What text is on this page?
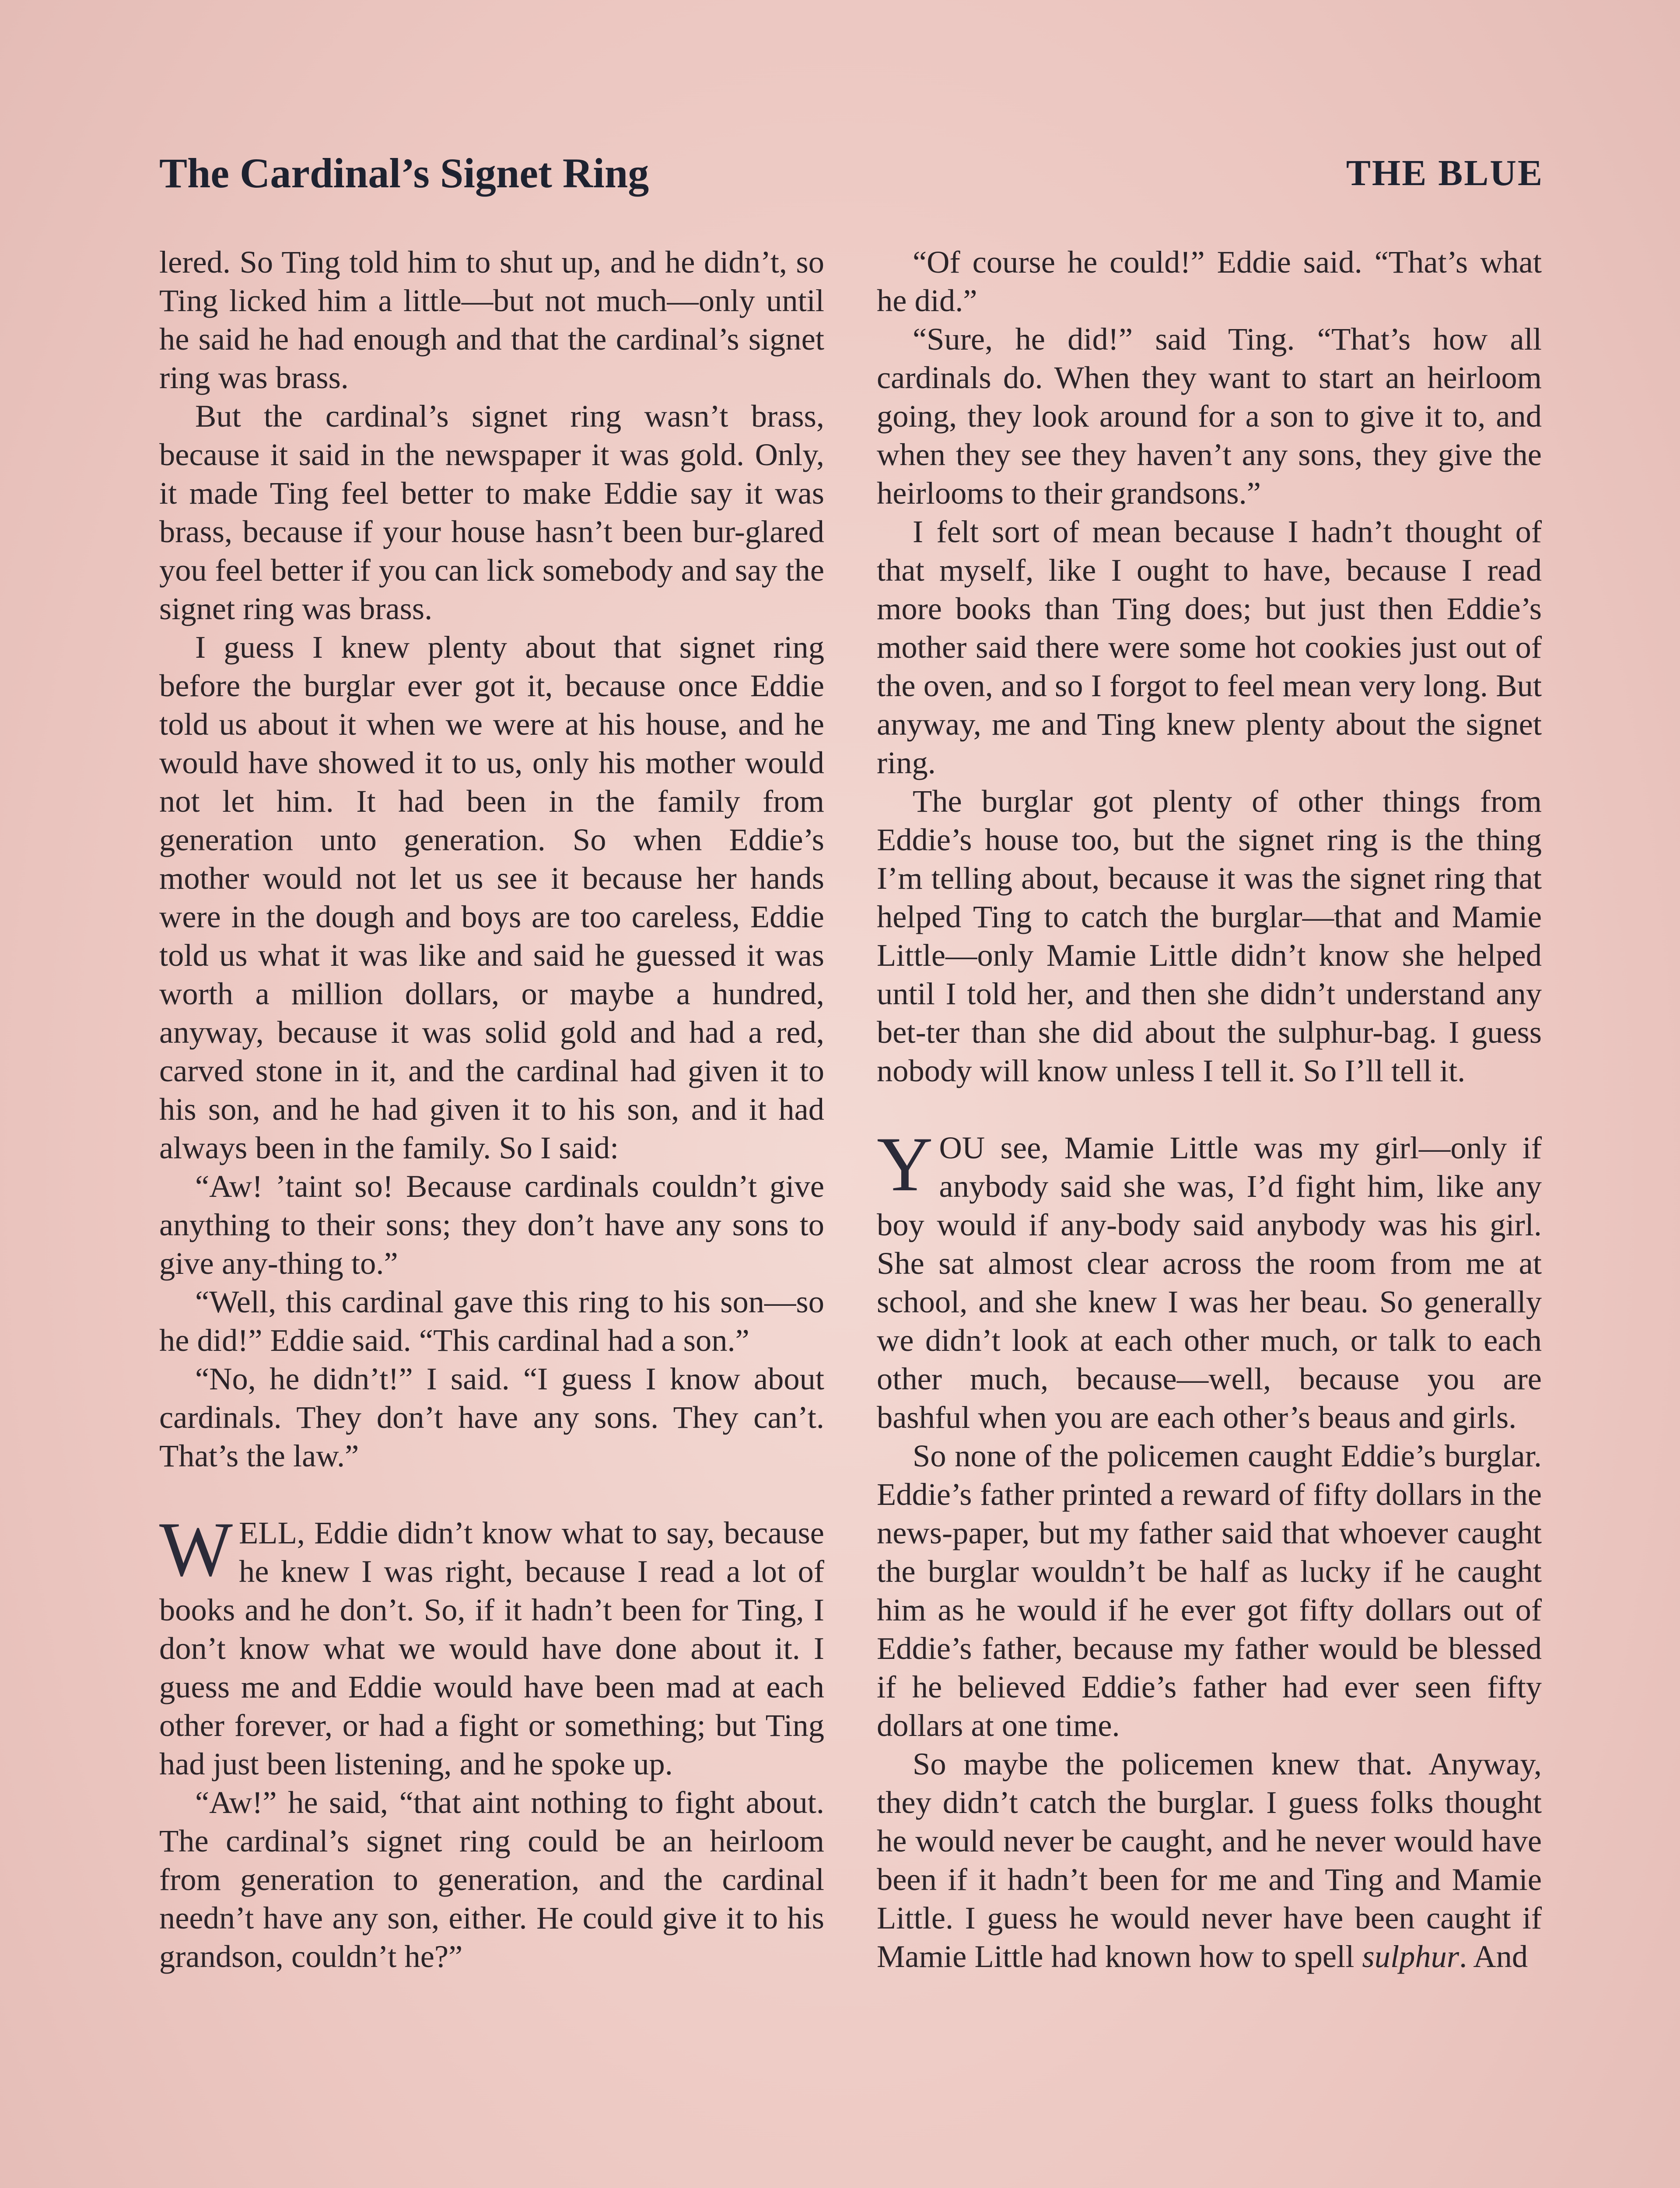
The Cardinal’s Signet Ring	THE BLUE

lered. So Ting told him to shut up, and he didn’t, so Ting licked him a little—but not much—only until he said he had enough and that the cardinal’s signet ring was brass.

But the cardinal’s signet ring wasn’t brass, because it said in the newspaper it was gold. Only, it made Ting feel better to make Eddie say it was brass, because if your house hasn’t been bur-glared you feel better if you can lick somebody and say the signet ring was brass.

I guess I knew plenty about that signet ring before the burglar ever got it, because once Eddie told us about it when we were at his house, and he would have showed it to us, only his mother would not let him. It had been in the family from generation unto generation. So when Eddie’s mother would not let us see it because her hands were in the dough and boys are too careless, Eddie told us what it was like and said he guessed it was worth a million dollars, or maybe a hundred, anyway, because it was solid gold and had a red, carved stone in it, and the cardinal had given it to his son, and he had given it to his son, and it had always been in the family. So I said:

“Aw! ’taint so! Because cardinals couldn’t give anything to their sons; they don’t have any sons to give any-thing to.”

“Well, this cardinal gave this ring to his son—so he did!” Eddie said. “This cardinal had a son.”

“No, he didn’t!” I said. “I guess I know about cardinals. They don’t have any sons. They can’t. That’s the law.”

WELL, Eddie didn’t know what to say, because he knew I was right, because I read a lot of books and he don’t. So, if it hadn’t been for Ting, I don’t know what we would have done about it. I guess me and Eddie would have been mad at each other forever, or had a fight or something; but Ting had just been listening, and he spoke up.

“Aw!” he said, “that aint nothing to fight about. The cardinal’s signet ring could be an heirloom from generation to generation, and the cardinal needn’t have any son, either. He could give it to his grandson, couldn’t he?”

“Of course he could!” Eddie said. “That’s what he did.”

“Sure, he did!” said Ting. “That’s how all cardinals do. When they want to start an heirloom going, they look around for a son to give it to, and when they see they haven’t any sons, they give the heirlooms to their grandsons.”

I felt sort of mean because I hadn’t thought of that myself, like I ought to have, because I read more books than Ting does; but just then Eddie’s mother said there were some hot cookies just out of the oven, and so I forgot to feel mean very long. But anyway, me and Ting knew plenty about the signet ring.

The burglar got plenty of other things from Eddie’s house too, but the signet ring is the thing I’m telling about, because it was the signet ring that helped Ting to catch the burglar—that and Mamie Little—only Mamie Little didn’t know she helped until I told her, and then she didn’t understand any bet-ter than she did about the sulphur-bag. I guess nobody will know unless I tell it. So I’ll tell it.

YOU see, Mamie Little was my girl—only if anybody said she was, I’d fight him, like any boy would if any-body said anybody was his girl. She sat almost clear across the room from me at school, and she knew I was her beau. So generally we didn’t look at each other much, or talk to each other much, because—well, because you are bashful when you are each other’s beaus and girls.

So none of the policemen caught Eddie’s burglar. Eddie’s father printed a reward of fifty dollars in the news-paper, but my father said that whoever caught the burglar wouldn’t be half as lucky if he caught him as he would if he ever got fifty dollars out of Eddie’s father, because my father would be blessed if he believed Eddie’s father had ever seen fifty dollars at one time.

So maybe the policemen knew that. Anyway, they didn’t catch the burglar. I guess folks thought he would never be caught, and he never would have been if it hadn’t been for me and Ting and Mamie Little. I guess he would never have been caught if Mamie Little had known how to spell sulphur. And
